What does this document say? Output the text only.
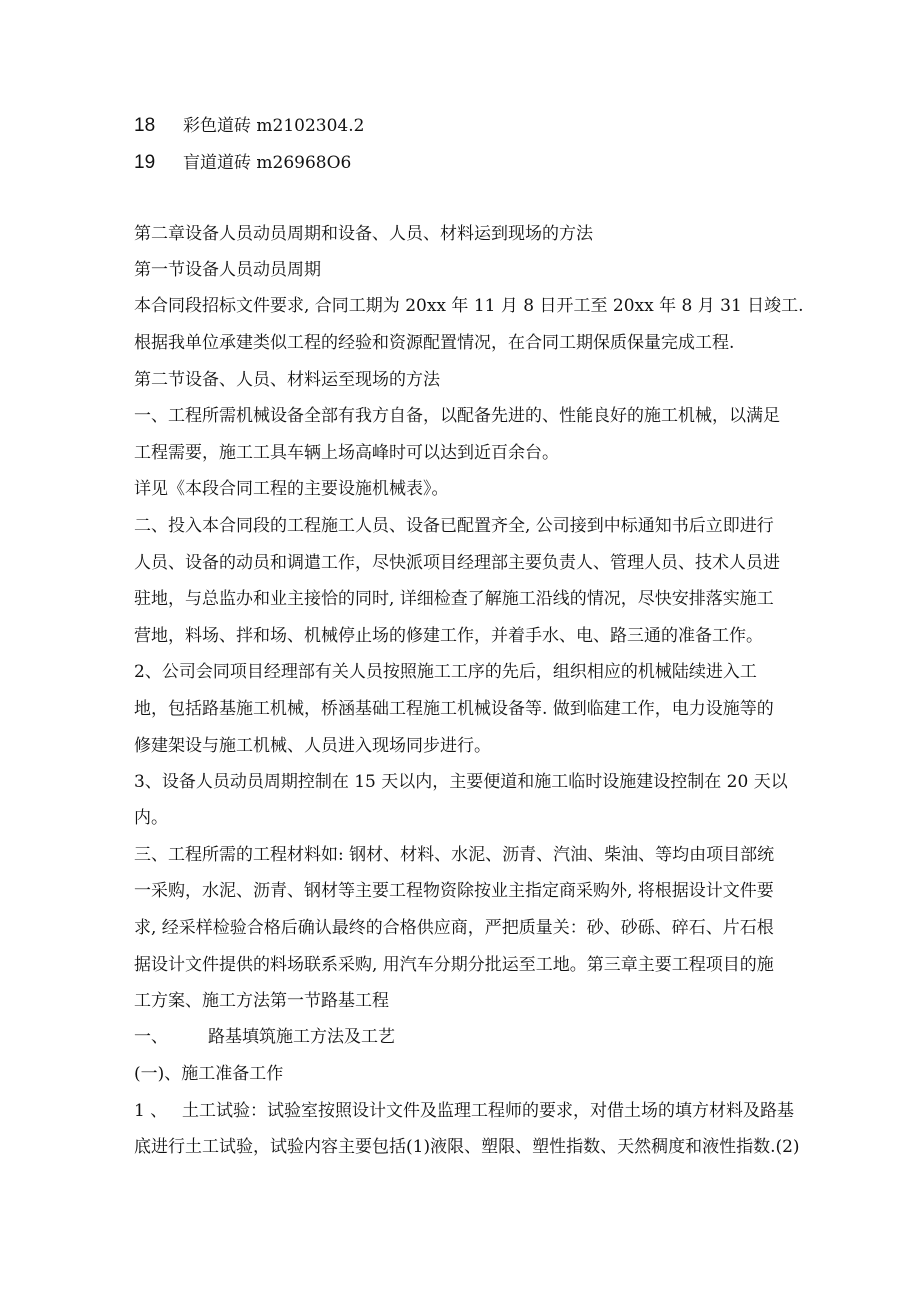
18 彩色道砖 m2102304.2
19 盲道道砖 m26968O6
第二章设备人员动员周期和设备、人员、材料运到现场的方法
第一节设备人员动员周期
本合同段招标文件要求, 合同工期为 20xx 年 11 月 8 日开工至 20xx 年 8 月 31 日竣工.
根据我单位承建类似工程的经验和资源配置情况，在合同工期保质保量完成工程.
第二节设备、人员、材料运至现场的方法
一、工程所需机械设备全部有我方自备，以配备先进的、性能良好的施工机械，以满足
工程需要，施工工具车辆上场高峰时可以达到近百余台。
详见《本段合同工程的主要设施机械表》。
二、投入本合同段的工程施工人员、设备已配置齐全, 公司接到中标通知书后立即进行
人员、设备的动员和调遣工作，尽快派项目经理部主要负责人、管理人员、技术人员进
驻地，与总监办和业主接恰的同时, 详细检查了解施工沿线的情况，尽快安排落实施工
营地，料场、拌和场、机械停止场的修建工作，并着手水、电、路三通的准备工作。
2、公司会同项目经理部有关人员按照施工工序的先后，组织相应的机械陆续进入工
地，包括路基施工机械，桥涵基础工程施工机械设备等. 做到临建工作，电力设施等的
修建架设与施工机械、人员进入现场同步进行。
3、设备人员动员周期控制在 15 天以内，主要便道和施工临时设施建设控制在 20 天以
内。
三、工程所需的工程材料如: 钢材、材料、水泥、沥青、汽油、柴油、等均由项目部统
一采购，水泥、沥青、钢材等主要工程物资除按业主指定商采购外, 将根据设计文件要
求, 经采样检验合格后确认最终的合格供应商，严把质量关：砂、砂砾、碎石、片石根
据设计文件提供的料场联系采购, 用汽车分期分批运至工地。第三章主要工程项目的施
工方案、施工方法第一节路基工程
一、 路基填筑施工方法及工艺
(一)、施工准备工作
1 、 土工试验：试验室按照设计文件及监理工程师的要求，对借土场的填方材料及路基
底进行土工试验，试验内容主要包括(1)液限、塑限、塑性指数、天然稠度和液性指数.(2)
